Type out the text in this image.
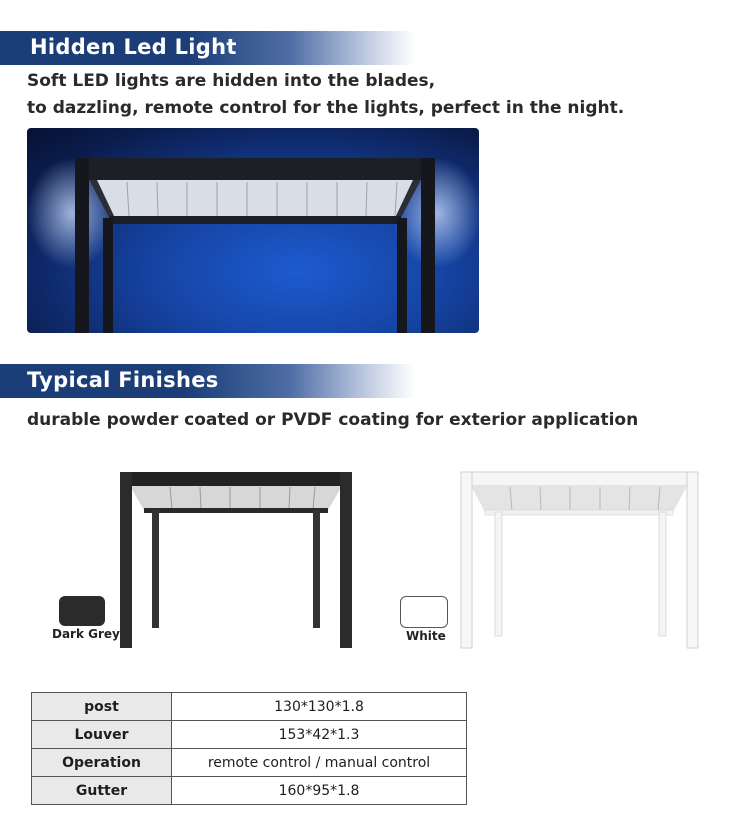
Hidden Led Light
Soft LED lights are hidden into the blades,
to dazzling, remote control for the lights, perfect in the night.
Typical Finishes
durable powder coated or PVDF coating for exterior application
Dark Grey	White
post	130*130*1.8
Louver	153*42*1.3
Operation	remote control / manual control
Gutter	160*95*1.8
